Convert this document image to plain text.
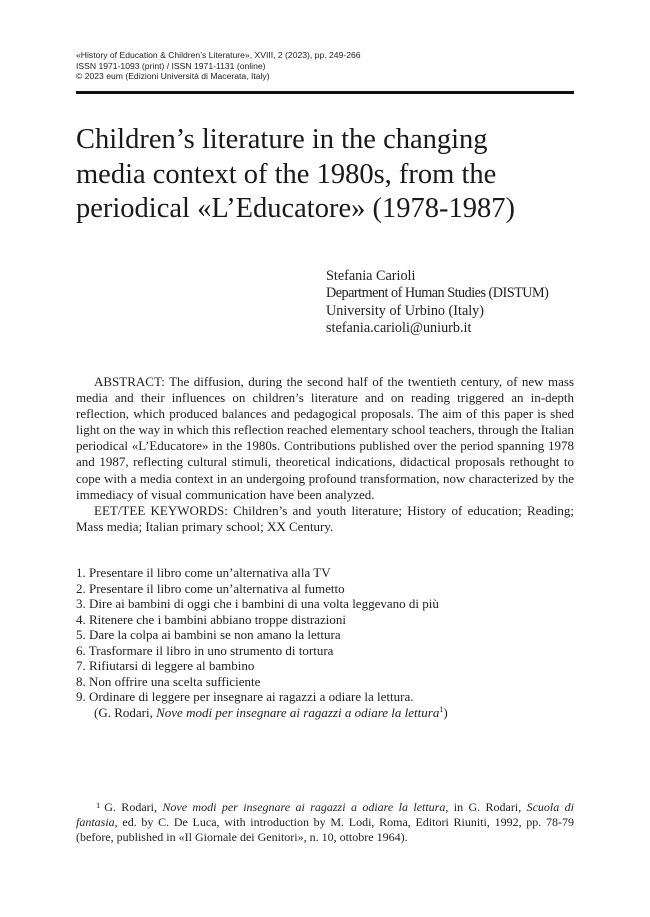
«History of Education & Children’s Literature», XVIII, 2 (2023), pp. 249-266
ISSN 1971-1093 (print) / ISSN 1971-1131 (online)
© 2023 eum (Edizioni Università di Macerata, Italy)
Children’s literature in the changing
media context of the 1980s, from the
periodical «L’Educatore» (1978-1987)
Stefania Carioli
Department of Human Studies (DISTUM)
University of Urbino (Italy)
stefania.carioli@uniurb.it

ABSTRACT: The diffusion, during the second half of the twentieth century, of new mass media and their influences on children’s literature and on reading triggered an in-depth reflection, which produced balances and pedagogical proposals. The aim of this paper is shed light on the way in which this reflection reached elementary school teachers, through the Italian periodical «L’Educatore» in the 1980s. Contributions published over the period spanning 1978 and 1987, reflecting cultural stimuli, theoretical indications, didactical proposals rethought to cope with a media context in an undergoing profound transformation, now characterized by the immediacy of visual communication have been analyzed.

EET/TEE KEYWORDS: Children’s and youth literature; History of education; Reading; Mass media; Italian primary school; XX Century.

1. Presentare il libro come un’alternativa alla TV
2. Presentare il libro come un’alternativa al fumetto
3. Dire ai bambini di oggi che i bambini di una volta leggevano di più
4. Ritenere che i bambini abbiano troppe distrazioni
5. Dare la colpa ai bambini se non amano la lettura
6. Trasformare il libro in uno strumento di tortura
7. Rifiutarsi di leggere al bambino
8. Non offrire una scelta sufficiente
9. Ordinare di leggere per insegnare ai ragazzi a odiare la lettura.
(G. Rodari, Nove modi per insegnare ai ragazzi a odiare la lettura$^1$)

$^1$ G. Rodari, Nove modi per insegnare ai ragazzi a odiare la lettura, in G. Rodari, Scuola di fantasia, ed. by C. De Luca, with introduction by M. Lodi, Roma, Editori Riuniti, 1992, pp. 78-79 (before, published in «Il Giornale dei Genitori», n. 10, ottobre 1964).
